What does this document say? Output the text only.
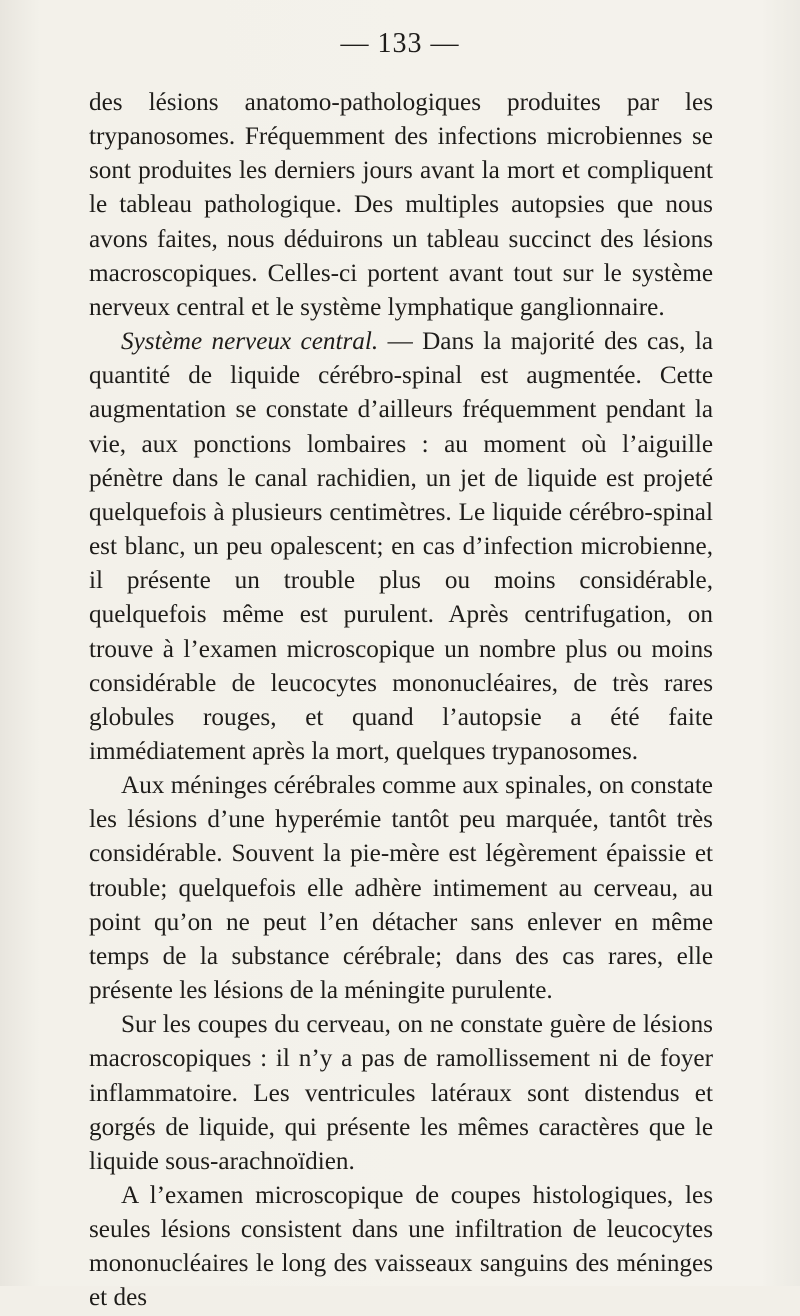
— 133 —

des lésions anatomo-pathologiques produites par les trypanosomes. Fréquemment des infections microbiennes se sont produites les derniers jours avant la mort et compliquent le tableau pathologique. Des multiples autopsies que nous avons faites, nous déduirons un tableau succinct des lésions macroscopiques. Celles-ci portent avant tout sur le système nerveux central et le système lymphatique ganglionnaire.

Système nerveux central. — Dans la majorité des cas, la quantité de liquide cérébro-spinal est augmentée. Cette augmentation se constate d’ailleurs fréquemment pendant la vie, aux ponctions lombaires : au moment où l’aiguille pénètre dans le canal rachidien, un jet de liquide est projeté quelquefois à plusieurs centimètres. Le liquide cérébro-spinal est blanc, un peu opalescent; en cas d’infection microbienne, il présente un trouble plus ou moins considérable, quelquefois même est purulent. Après centrifugation, on trouve à l’examen microscopique un nombre plus ou moins considérable de leucocytes mononucléaires, de très rares globules rouges, et quand l’autopsie a été faite immédiatement après la mort, quelques trypanosomes.

Aux méninges cérébrales comme aux spinales, on constate les lésions d’une hyperémie tantôt peu marquée, tantôt très considérable. Souvent la pie-mère est légèrement épaissie et trouble; quelquefois elle adhère intimement au cerveau, au point qu’on ne peut l’en détacher sans enlever en même temps de la substance cérébrale; dans des cas rares, elle présente les lésions de la méningite purulente.

Sur les coupes du cerveau, on ne constate guère de lésions macroscopiques : il n’y a pas de ramollissement ni de foyer inflammatoire. Les ventricules latéraux sont distendus et gorgés de liquide, qui présente les mêmes caractères que le liquide sous-arachnoïdien.

A l’examen microscopique de coupes histologiques, les seules lésions consistent dans une infiltration de leucocytes mononucléaires le long des vaisseaux sanguins des méninges et des
